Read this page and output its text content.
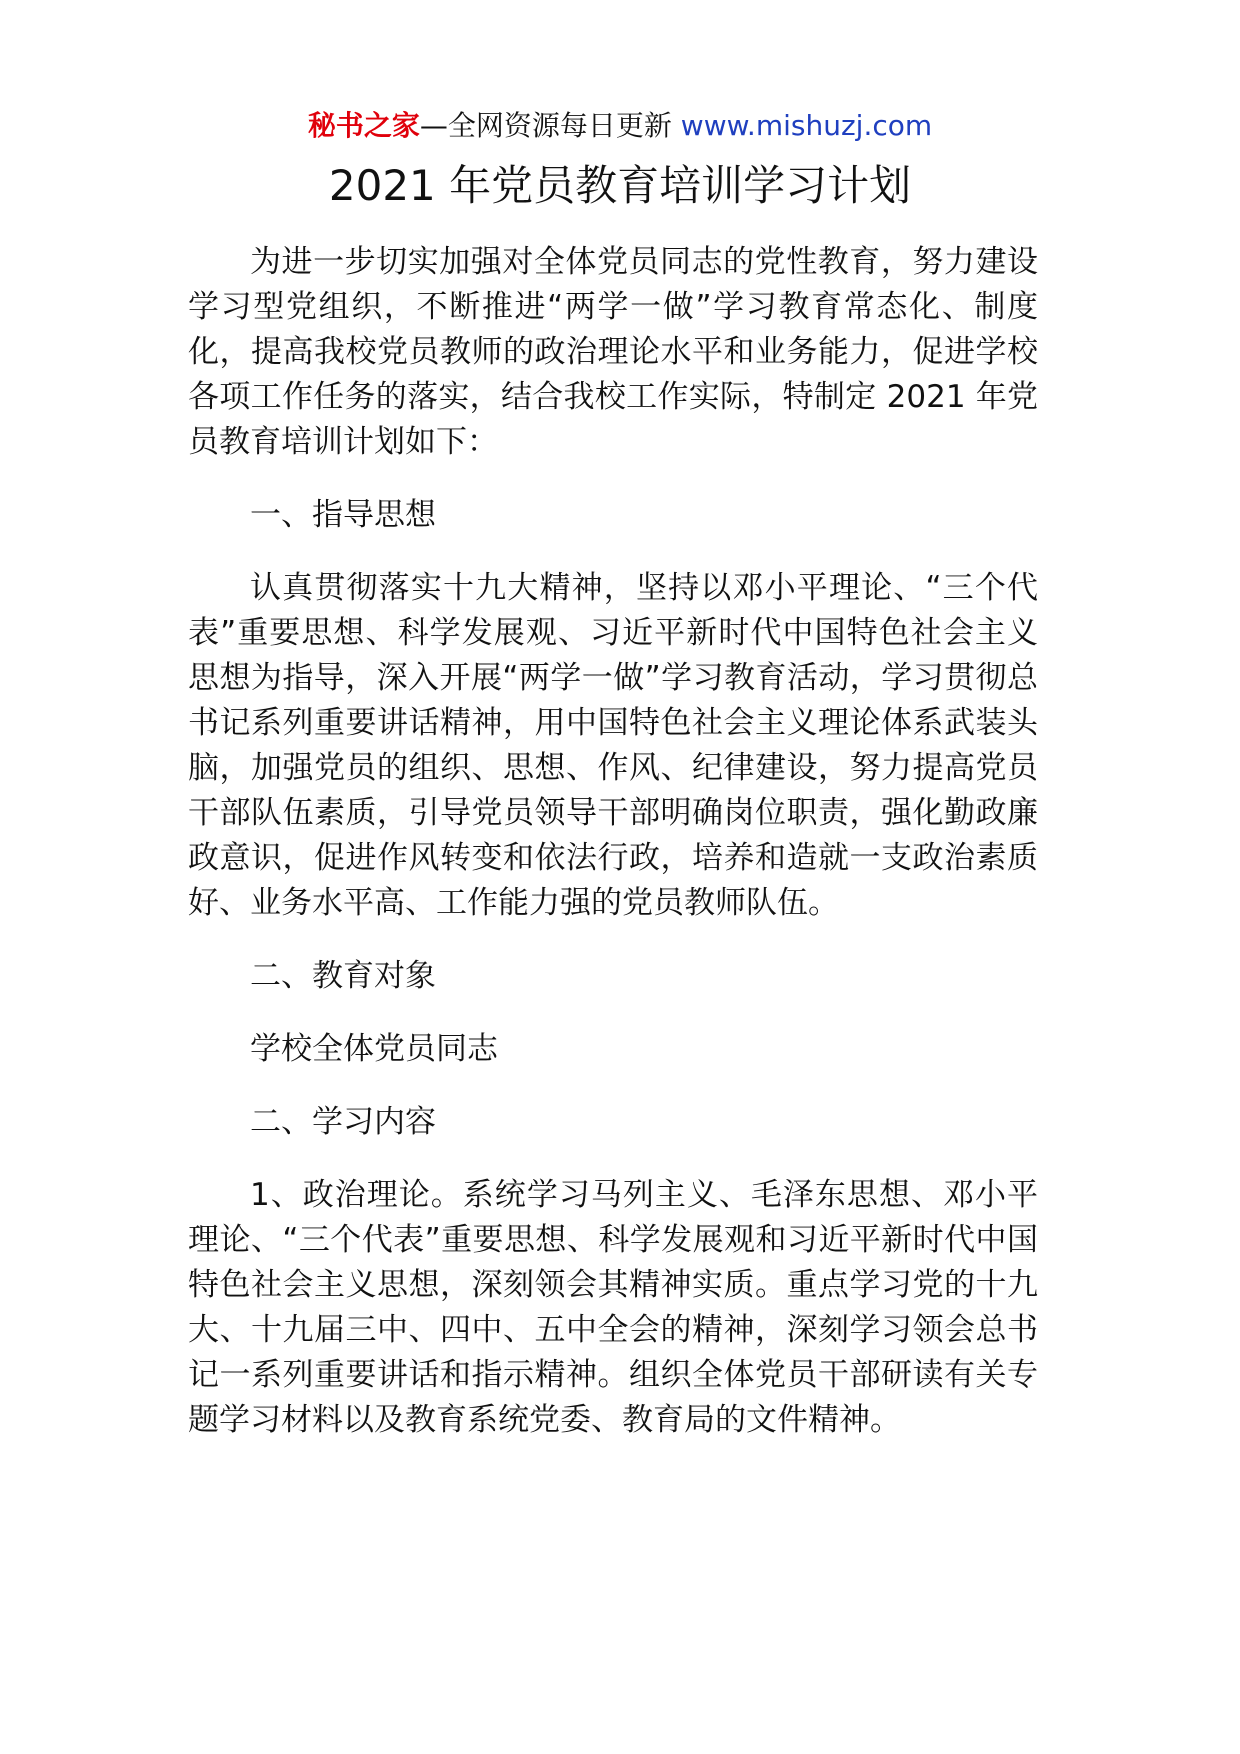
秘书之家—全网资源每日更新 www.mishuzj.com
2021 年党员教育培训学习计划

为进一步切实加强对全体党员同志的党性教育，努力建设学习型党组织，不断推进“两学一做”学习教育常态化、制度化，提高我校党员教师的政治理论水平和业务能力，促进学校各项工作任务的落实，结合我校工作实际，特制定 2021 年党员教育培训计划如下：

一、指导思想

认真贯彻落实十九大精神，坚持以邓小平理论、“三个代表”重要思想、科学发展观、习近平新时代中国特色社会主义思想为指导，深入开展“两学一做”学习教育活动，学习贯彻总书记系列重要讲话精神，用中国特色社会主义理论体系武装头脑，加强党员的组织、思想、作风、纪律建设，努力提高党员干部队伍素质，引导党员领导干部明确岗位职责，强化勤政廉政意识，促进作风转变和依法行政，培养和造就一支政治素质好、业务水平高、工作能力强的党员教师队伍。

二、教育对象

学校全体党员同志

二、学习内容

1、政治理论。系统学习马列主义、毛泽东思想、邓小平理论、“三个代表”重要思想、科学发展观和习近平新时代中国特色社会主义思想，深刻领会其精神实质。重点学习党的十九大、十九届三中、四中、五中全会的精神，深刻学习领会总书记一系列重要讲话和指示精神。组织全体党员干部研读有关专题学习材料以及教育系统党委、教育局的文件精神。
